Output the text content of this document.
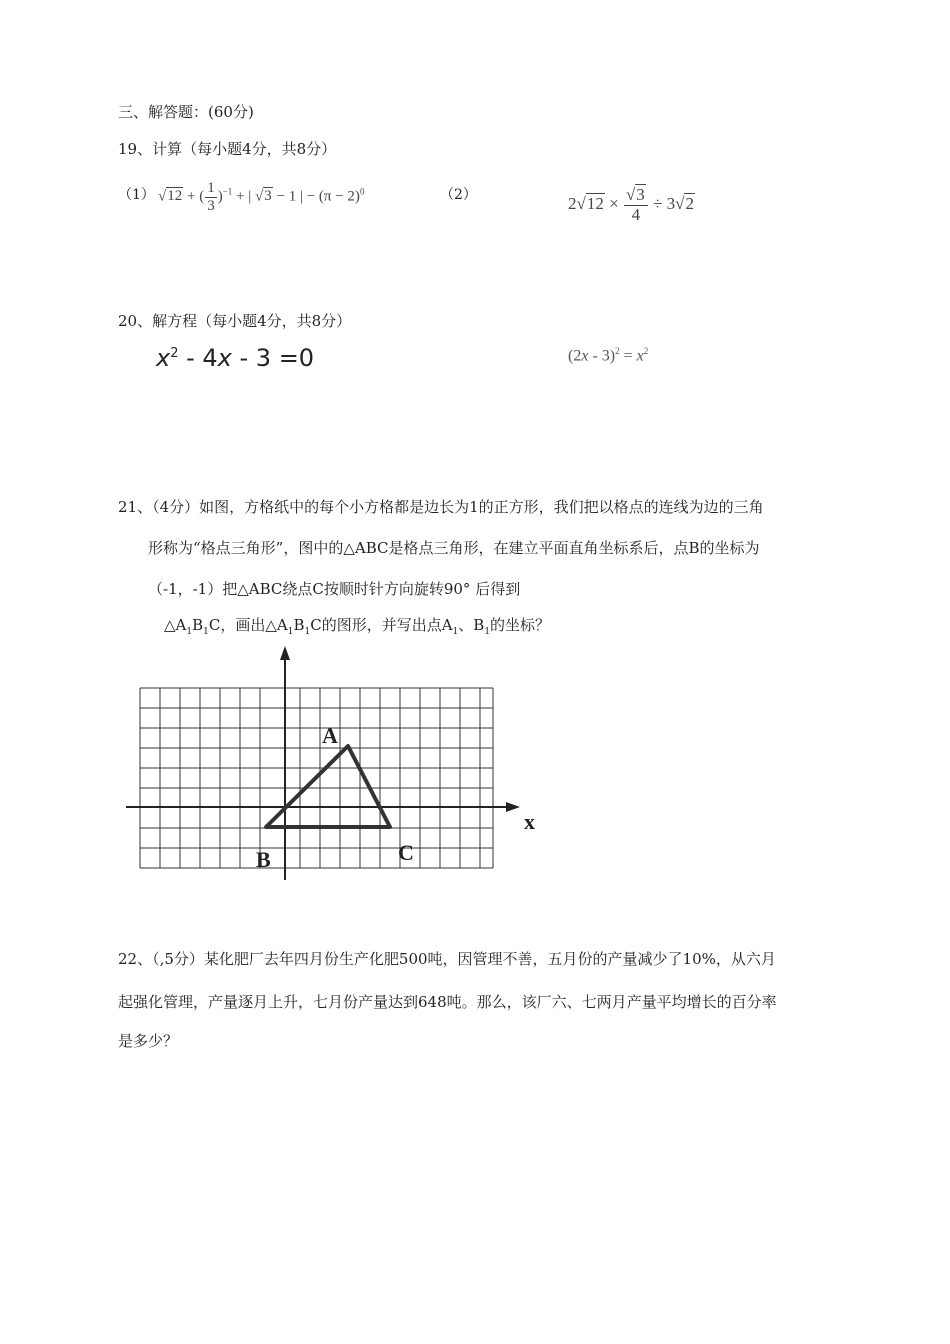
三、解答题：(60分)
19、计算（每小题4分，共8分）
（1） √12 + ( $\frac{1}{3} )^{-1}$ + | √3 − 1 | − $(\pi - 2)^0$	（2）	$2√12 \times \frac{√3}{4} \div 3√2$
20、解方程（每小题4分，共8分）
$x^2 - 4x - 3 =0$	$(2x - 3)^2 = x^2$
21、（4分）如图，方格纸中的每个小方格都是边长为1的正方形，我们把以格点的连线为边的三角
形称为“格点三角形”，图中的△ABC是格点三角形，在建立平面直角坐标系后，点B的坐标为
（-1，-1）把△ABC绕点C按顺时针方向旋转90° 后得到
$\triangle A_1B_1C$，画出$\triangle A_1B_1C$的图形，并写出点$A_1$、$B_1$的坐标？
A
B	C
x
22、（,5分）某化肥厂去年四月份生产化肥500吨，因管理不善，五月份的产量减少了10%，从六月
起强化管理，产量逐月上升，七月份产量达到648吨。那么，该厂六、七两月产量平均增长的百分率
是多少？
